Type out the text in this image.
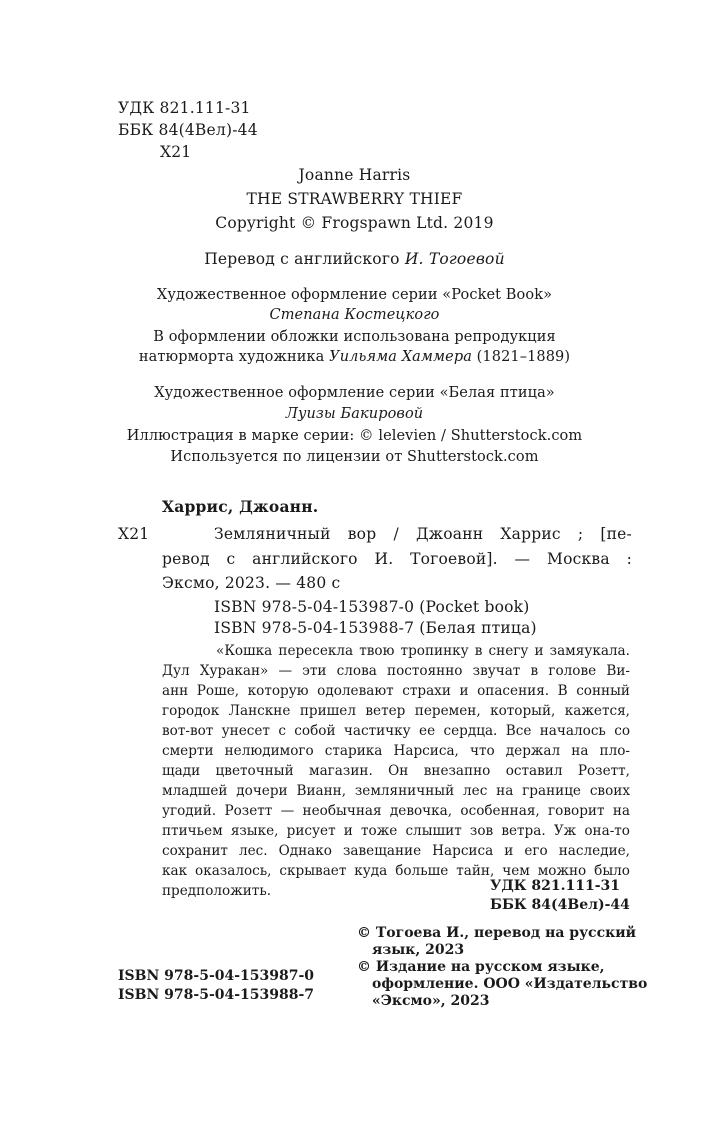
УДК 821.111-31
ББК 84(4Вел)-44
Х21
Joanne Harris
THE STRAWBERRY THIEF
Copyright © Frogspawn Ltd. 2019
Перевод с английского И. Тогоевой
Художественное оформление серии «Pocket Book»
Степана Костецкого
В оформлении обложки использована репродукция
натюрморта художника Уильяма Хаммера (1821–1889)
Художественное оформление серии «Белая птица»
Луизы Бакировой
Иллюстрация в марке серии: © lelevien / Shutterstock.com
Используется по лицензии от Shutterstock.com
Харрис, Джоанн.
Х21	Земляничный вор / Джоанн Харрис ; [пе-
ревод с английского И. Тогоевой]. — Москва :
Эксмо, 2023. — 480 с
ISBN 978-5-04-153987-0 (Pocket book)
ISBN 978-5-04-153988-7 (Белая птица)
«Кошка пересекла твою тропинку в снегу и замяукала.
Дул Хуракан» — эти слова постоянно звучат в голове Ви-
анн Роше, которую одолевают страхи и опасения. В сонный
городок Ланскне пришел ветер перемен, который, кажется,
вот-вот унесет с собой частичку ее сердца. Все началось со
смерти нелюдимого старика Нарсиса, что держал на пло-
щади цветочный магазин. Он внезапно оставил Розетт,
младшей дочери Вианн, земляничный лес на границе своих
угодий. Розетт — необычная девочка, особенная, говорит на
птичьем языке, рисует и тоже слышит зов ветра. Уж она-то
сохранит лес. Однако завещание Нарсиса и его наследие,
как оказалось, скрывает куда больше тайн, чем можно было
предположить.	УДК 821.111-31
ББК 84(4Вел)-44
© Тогоева И., перевод на русский
язык, 2023
© Издание на русском языке,
оформление. ООО «Издательство
«Эксмо», 2023
ISBN 978-5-04-153987-0
ISBN 978-5-04-153988-7
